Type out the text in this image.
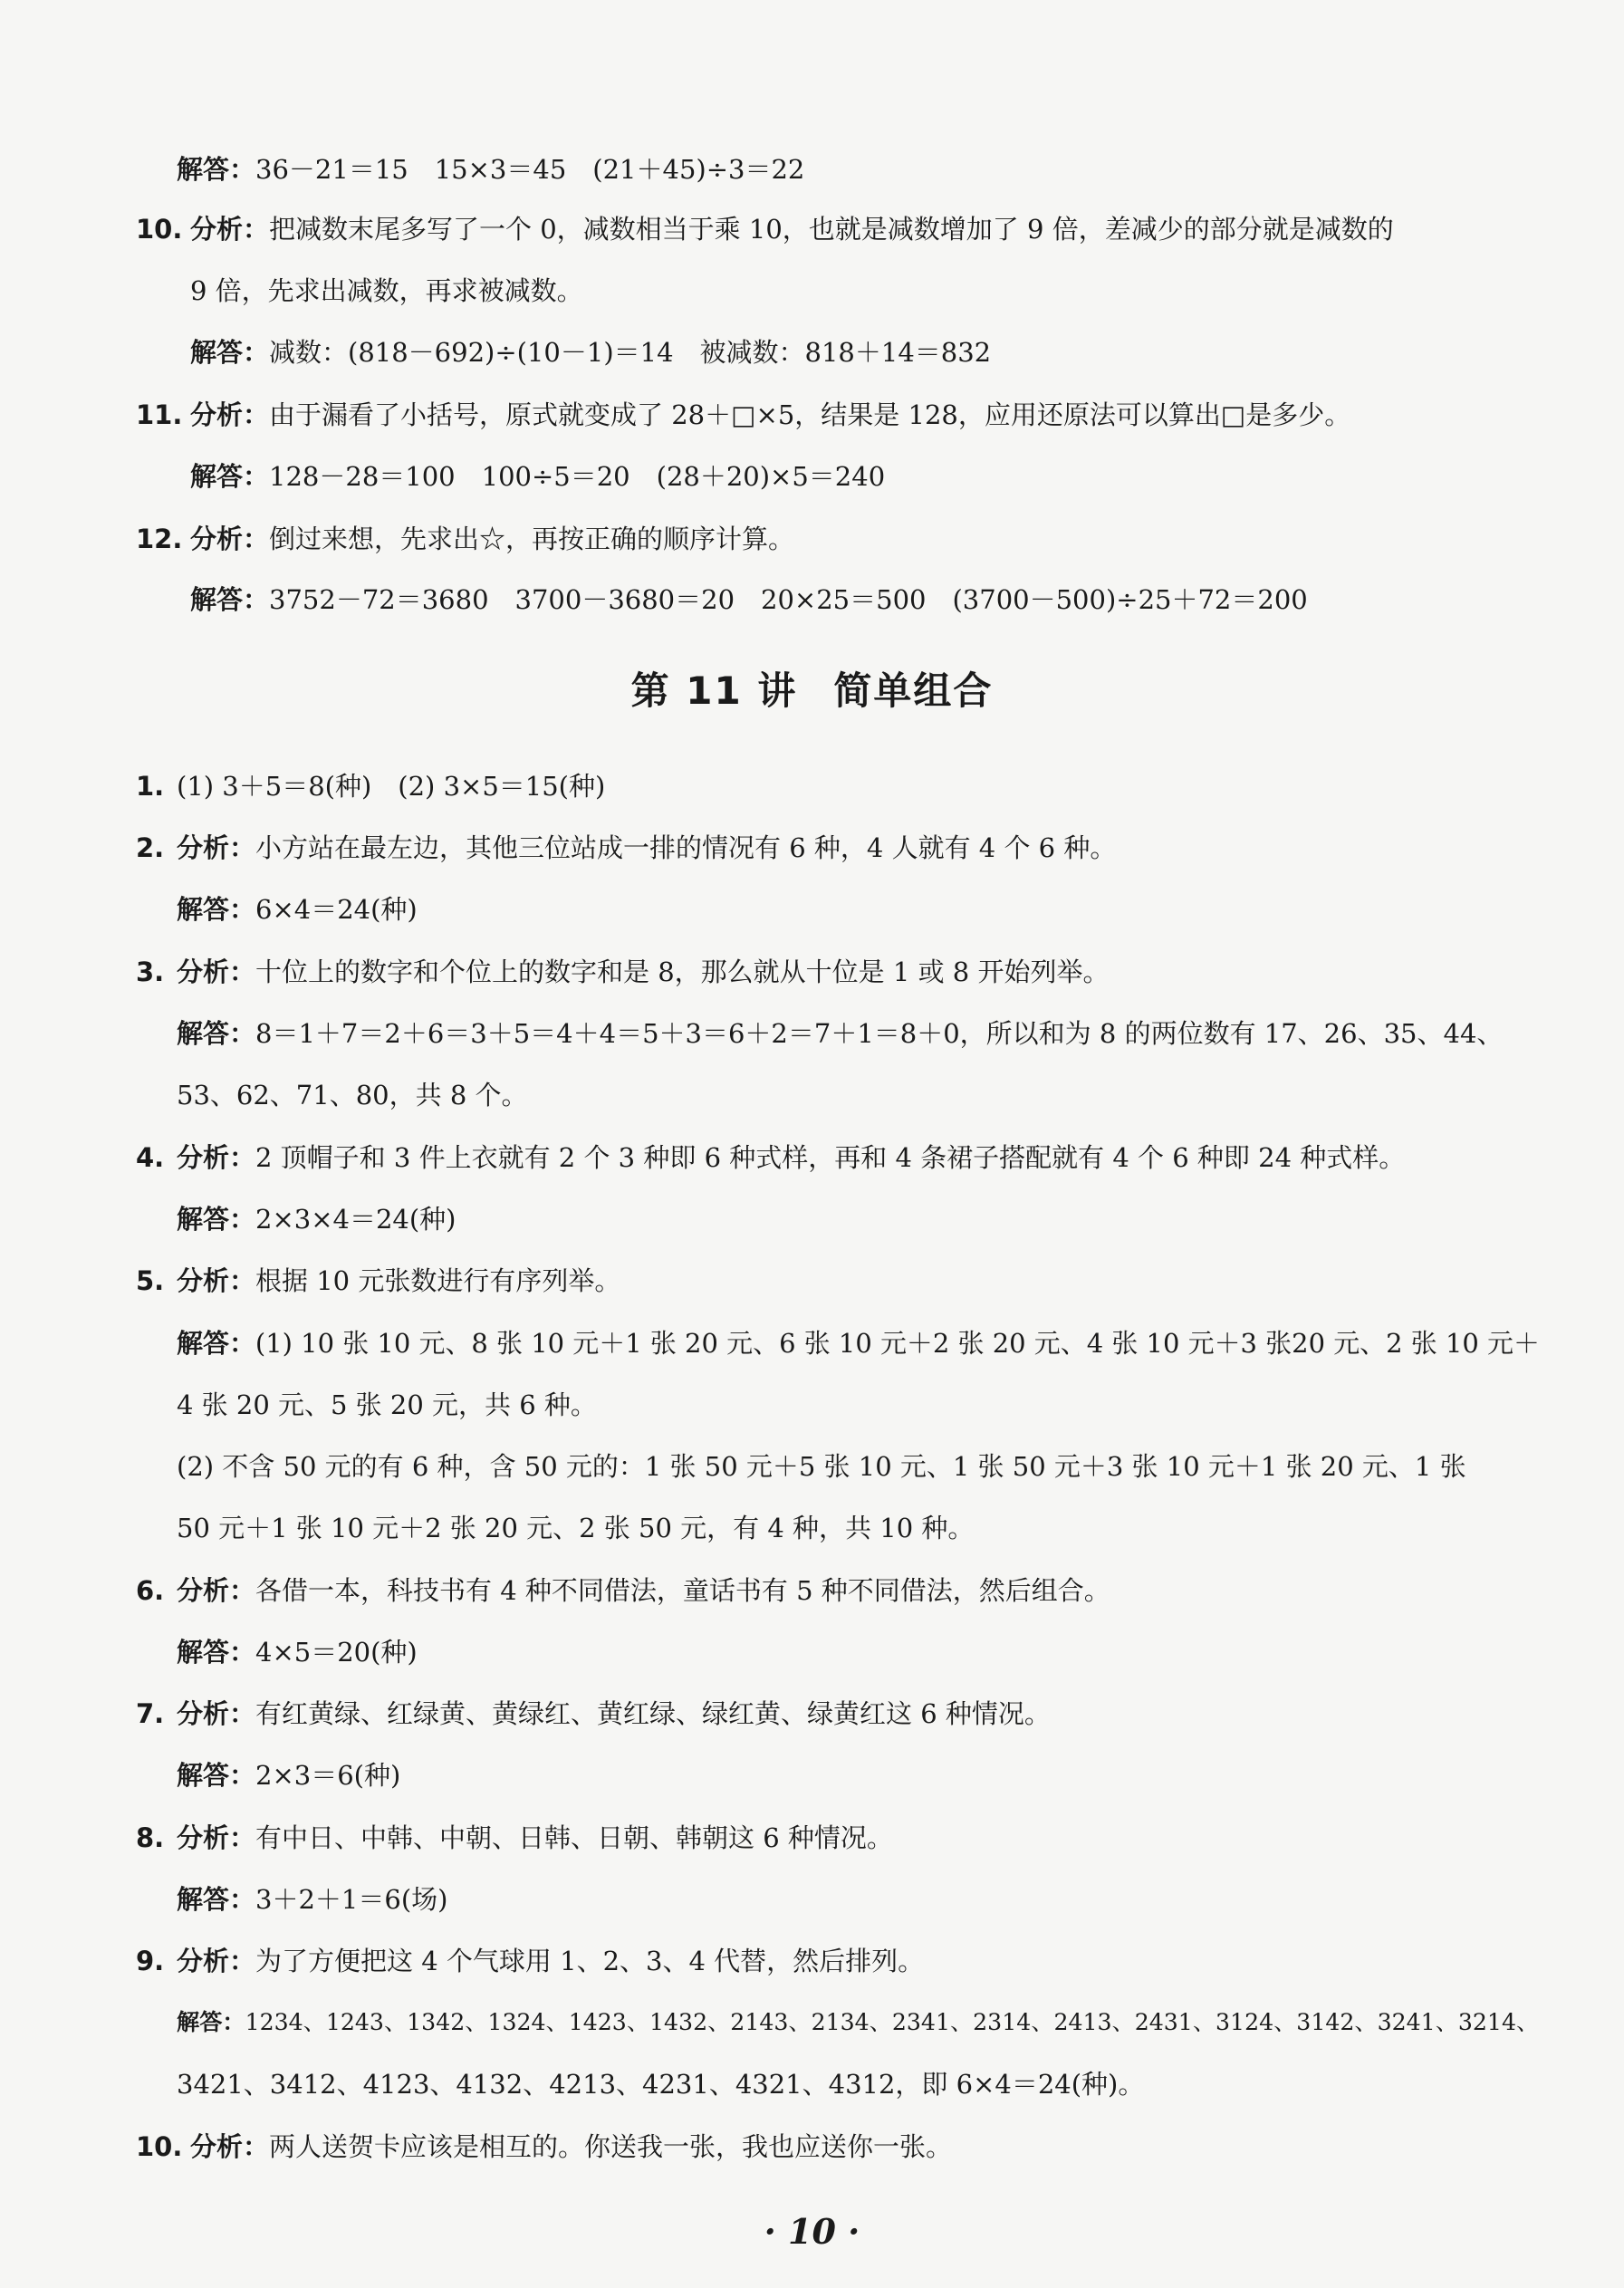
解答：36－21＝15　15×3＝45　(21＋45)÷3＝22
10. 分析：把减数末尾多写了一个 0，减数相当于乘 10，也就是减数增加了 9 倍，差减少的部分就是减数的
9 倍，先求出减数，再求被减数。
解答：减数：(818－692)÷(10－1)＝14　被减数：818＋14＝832
11. 分析：由于漏看了小括号，原式就变成了 28＋□×5，结果是 128，应用还原法可以算出□是多少。
解答：128－28＝100　100÷5＝20　(28＋20)×5＝240
12. 分析：倒过来想，先求出☆，再按正确的顺序计算。
解答：3752－72＝3680　3700－3680＝20　20×25＝500　(3700－500)÷25＋72＝200
第 11 讲 简单组合
1. (1) 3＋5＝8(种)　(2) 3×5＝15(种)
2. 分析：小方站在最左边，其他三位站成一排的情况有 6 种，4 人就有 4 个 6 种。
解答：6×4＝24(种)
3. 分析：十位上的数字和个位上的数字和是 8，那么就从十位是 1 或 8 开始列举。
解答：8＝1＋7＝2＋6＝3＋5＝4＋4＝5＋3＝6＋2＝7＋1＝8＋0，所以和为 8 的两位数有 17、26、35、44、
53、62、71、80，共 8 个。
4. 分析：2 顶帽子和 3 件上衣就有 2 个 3 种即 6 种式样，再和 4 条裙子搭配就有 4 个 6 种即 24 种式样。
解答：2×3×4＝24(种)
5. 分析：根据 10 元张数进行有序列举。
解答：(1) 10 张 10 元、8 张 10 元＋1 张 20 元、6 张 10 元＋2 张 20 元、4 张 10 元＋3 张20 元、2 张 10 元＋
4 张 20 元、5 张 20 元，共 6 种。
(2) 不含 50 元的有 6 种，含 50 元的：1 张 50 元＋5 张 10 元、1 张 50 元＋3 张 10 元＋1 张 20 元、1 张
50 元＋1 张 10 元＋2 张 20 元、2 张 50 元，有 4 种，共 10 种。
6. 分析：各借一本，科技书有 4 种不同借法，童话书有 5 种不同借法，然后组合。
解答：4×5＝20(种)
7. 分析：有红黄绿、红绿黄、黄绿红、黄红绿、绿红黄、绿黄红这 6 种情况。
解答：2×3＝6(种)
8. 分析：有中日、中韩、中朝、日韩、日朝、韩朝这 6 种情况。
解答：3＋2＋1＝6(场)
9. 分析：为了方便把这 4 个气球用 1、2、3、4 代替，然后排列。
解答：1234、1243、1342、1324、1423、1432、2143、2134、2341、2314、2413、2431、3124、3142、3241、3214、
3421、3412、4123、4132、4213、4231、4321、4312，即 6×4＝24(种)。
10. 分析：两人送贺卡应该是相互的。你送我一张，我也应送你一张。
· 10 ·
